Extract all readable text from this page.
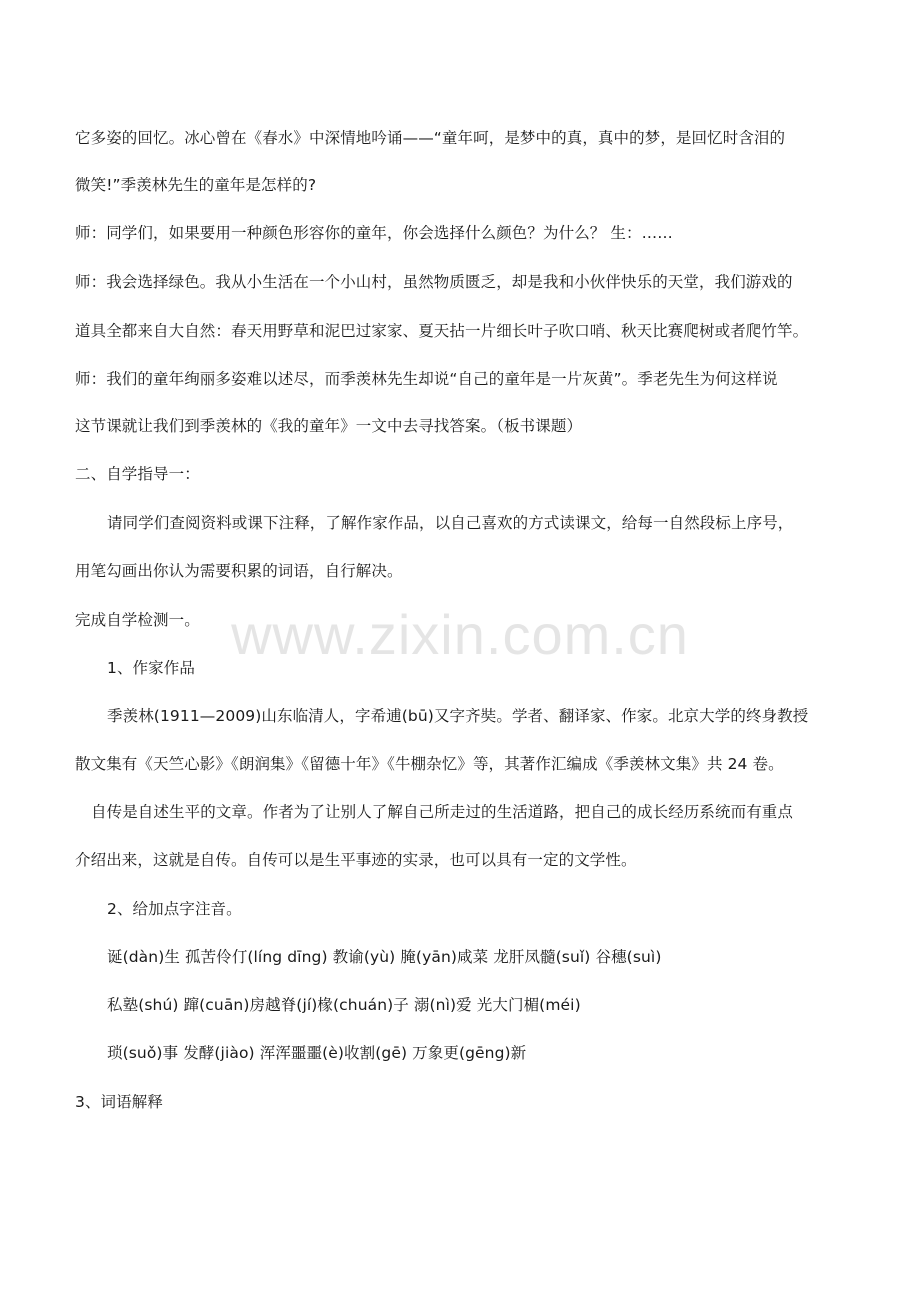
它多姿的回忆。冰心曾在《春水》中深情地吟诵——“童年呵，是梦中的真，真中的梦，是回忆时含泪的
微笑!”季羡林先生的童年是怎样的?
师：同学们，如果要用一种颜色形容你的童年，你会选择什么颜色？为什么？ 生：……
师：我会选择绿色。我从小生活在一个小山村，虽然物质匮乏，却是我和小伙伴快乐的天堂，我们游戏的
道具全都来自大自然：春天用野草和泥巴过家家、夏天拈一片细长叶子吹口哨、秋天比赛爬树或者爬竹竿。
师：我们的童年绚丽多姿难以述尽，而季羡林先生却说“自己的童年是一片灰黄”。季老先生为何这样说
这节课就让我们到季羡林的《我的童年》一文中去寻找答案。（板书课题）
二、自学指导一：
请同学们查阅资料或课下注释，了解作家作品，以自己喜欢的方式读课文，给每一自然段标上序号，
用笔勾画出你认为需要积累的词语，自行解决。
完成自学检测一。
1、作家作品
季羡林(1911—2009)山东临清人，字希逋(bū)又字齐奘。学者、翻译家、作家。北京大学的终身教授
散文集有《天竺心影》《朗润集》《留德十年》《牛棚杂忆》等，其著作汇编成《季羡林文集》共 24 卷。
自传是自述生平的文章。作者为了让别人了解自己所走过的生活道路，把自己的成长经历系统而有重点
介绍出来，这就是自传。自传可以是生平事迹的实录，也可以具有一定的文学性。
2、给加点字注音。
诞(dàn)生 孤苦伶仃(líng dīng) 教谕(yù) 腌(yān)咸菜 龙肝凤髓(suǐ) 谷穗(suì)
私塾(shú) 蹿(cuān)房越脊(jí)椽(chuán)子 溺(nì)爱 光大门楣(méi)
琐(suǒ)事 发酵(jiào) 浑浑噩噩(è)收割(gē) 万象更(gēng)新
3、词语解释
www.zixin.com.cn
